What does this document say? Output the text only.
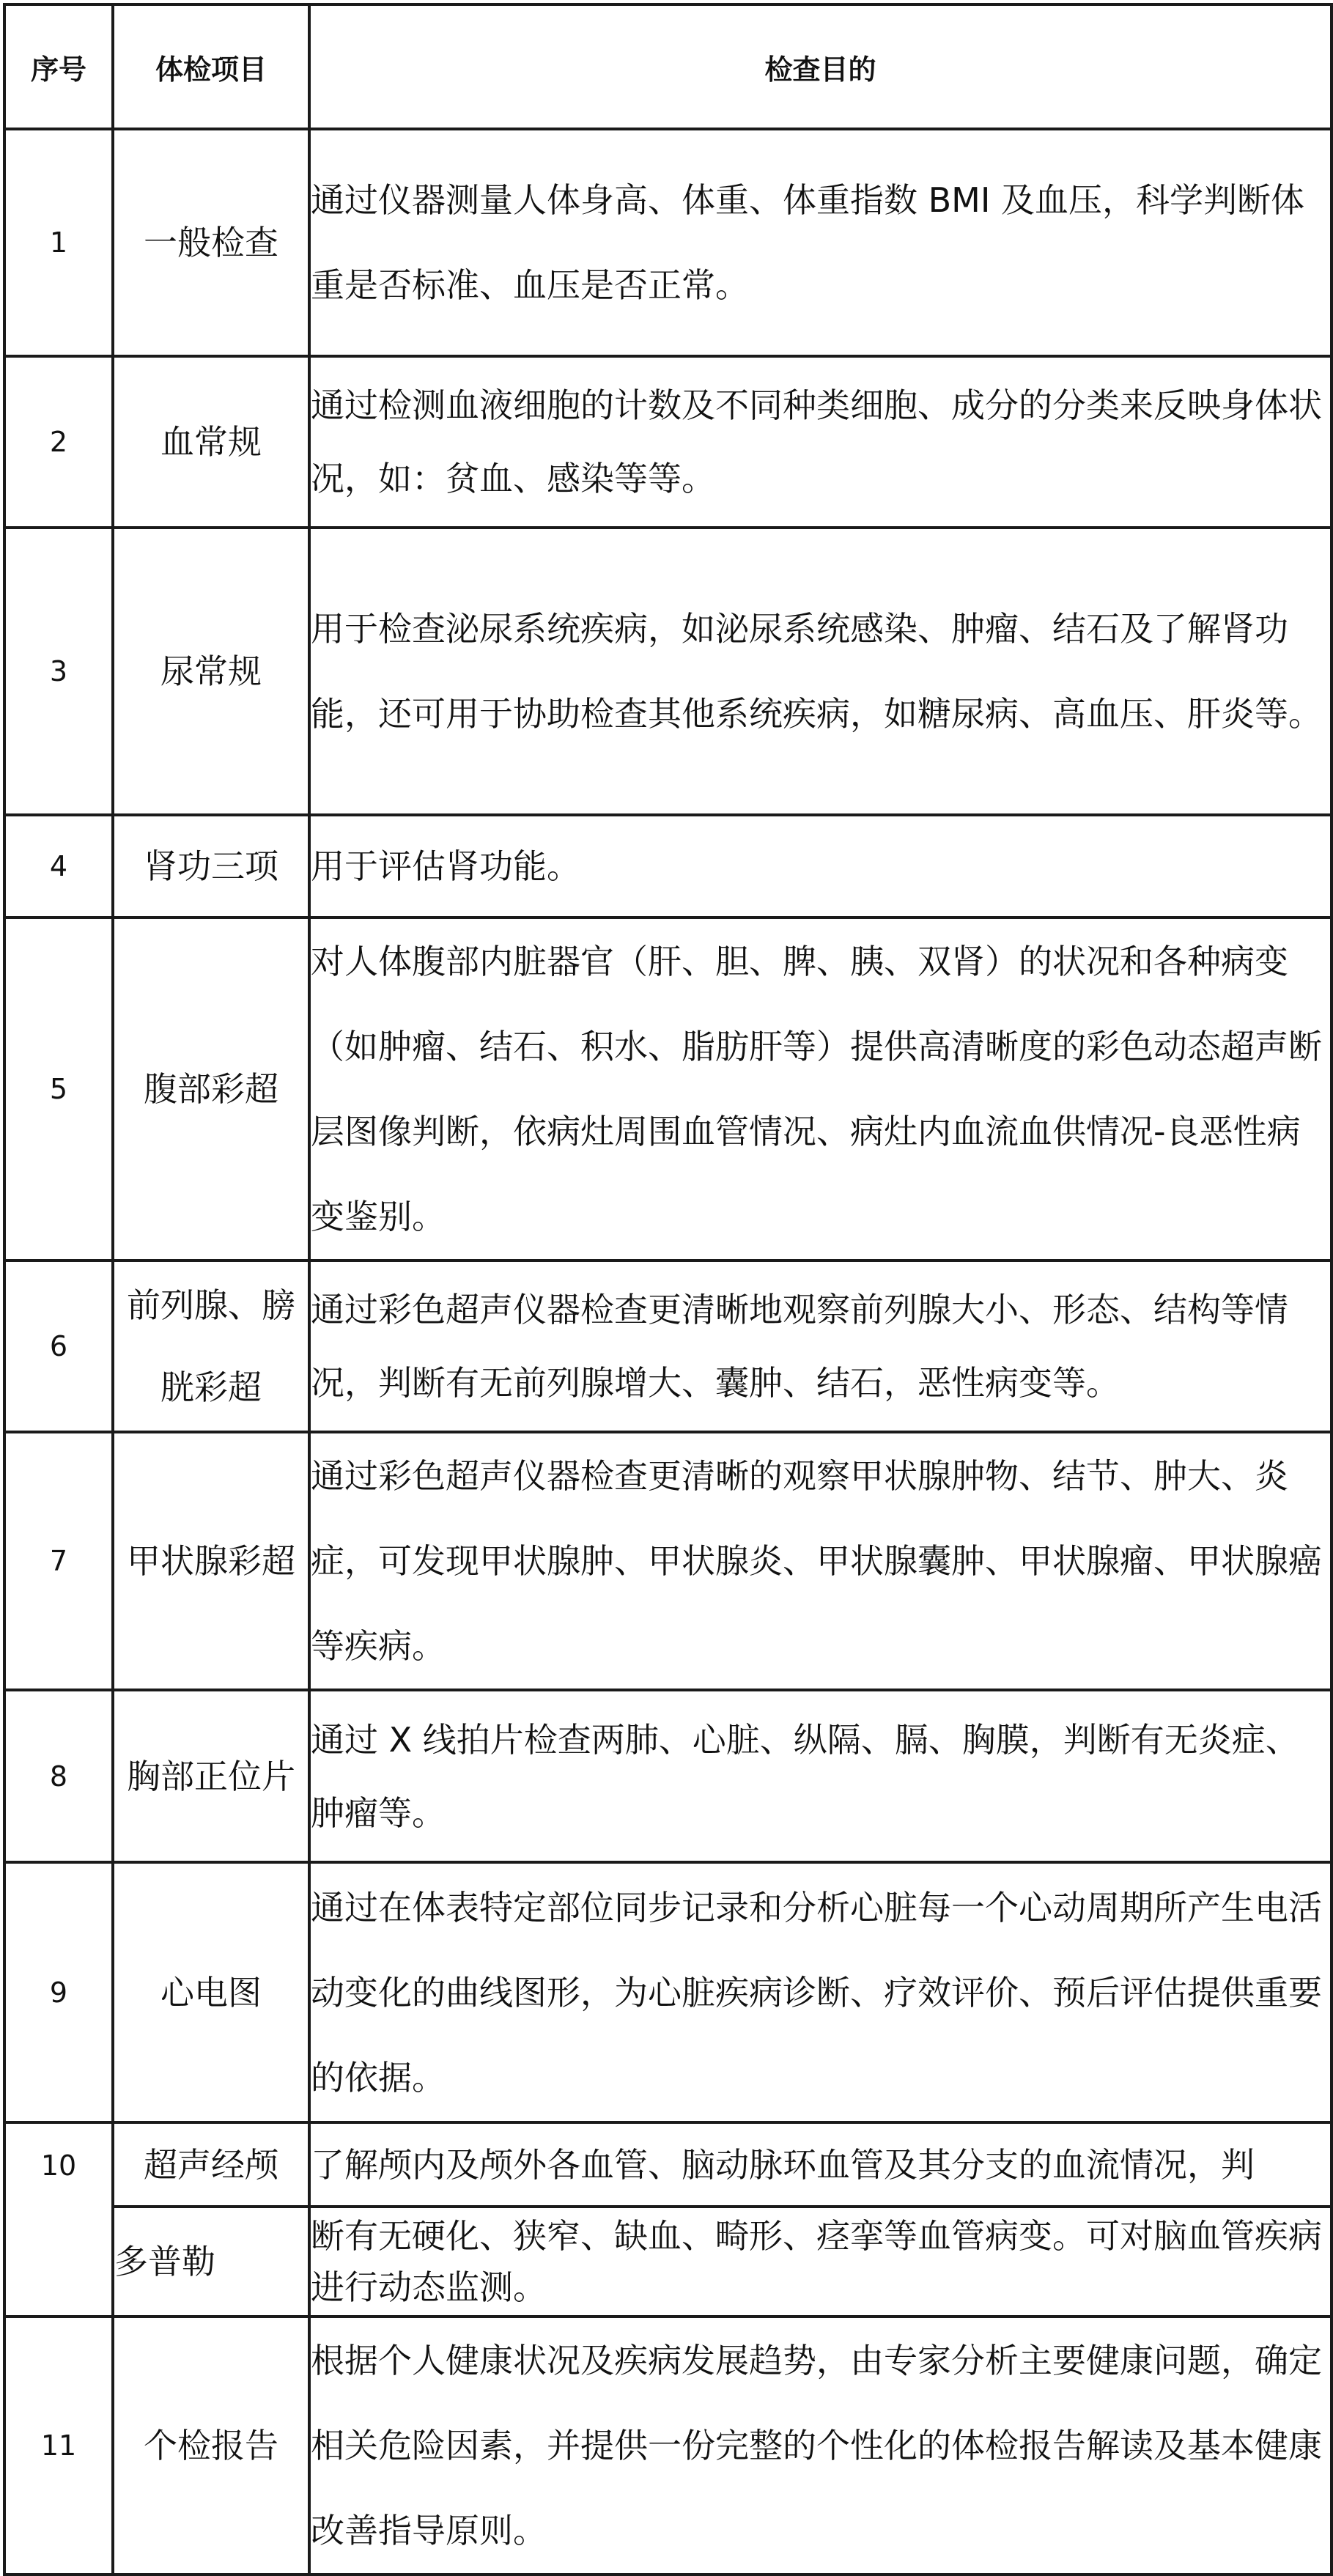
序号	体检项目	检查目的
1	一般检查	通过仪器测量人体身高、体重、体重指数 BMI 及血压，科学判断体重是否标准、血压是否正常。
2	血常规	通过检测血液细胞的计数及不同种类细胞、成分的分类来反映身体状况，如：贫血、感染等等。
3	尿常规	用于检查泌尿系统疾病，如泌尿系统感染、肿瘤、结石及了解肾功能，还可用于协助检查其他系统疾病，如糖尿病、高血压、肝炎等。
4	肾功三项	用于评估肾功能。
5	腹部彩超	对人体腹部内脏器官（肝、胆、脾、胰、双肾）的状况和各种病变（如肿瘤、结石、积水、脂肪肝等）提供高清晰度的彩色动态超声断层图像判断，依病灶周围血管情况、病灶内血流血供情况-良恶性病变鉴别。
6	前列腺、膀胱彩超	通过彩色超声仪器检查更清晰地观察前列腺大小、形态、结构等情况，判断有无前列腺增大、囊肿、结石，恶性病变等。
7	甲状腺彩超	通过彩色超声仪器检查更清晰的观察甲状腺肿物、结节、肿大、炎症，可发现甲状腺肿、甲状腺炎、甲状腺囊肿、甲状腺瘤、甲状腺癌等疾病。
8	胸部正位片	通过 X 线拍片检查两肺、心脏、纵隔、膈、胸膜，判断有无炎症、肿瘤等。
9	心电图	通过在体表特定部位同步记录和分析心脏每一个心动周期所产生电活动变化的曲线图形，为心脏疾病诊断、疗效评价、预后评估提供重要的依据。
10	超声经颅	了解颅内及颅外各血管、脑动脉环血管及其分支的血流情况，判
	多普勒	断有无硬化、狭窄、缺血、畸形、痉挛等血管病变。可对脑血管疾病进行动态监测。
11	个检报告	根据个人健康状况及疾病发展趋势，由专家分析主要健康问题，确定相关危险因素，并提供一份完整的个性化的体检报告解读及基本健康改善指导原则。
